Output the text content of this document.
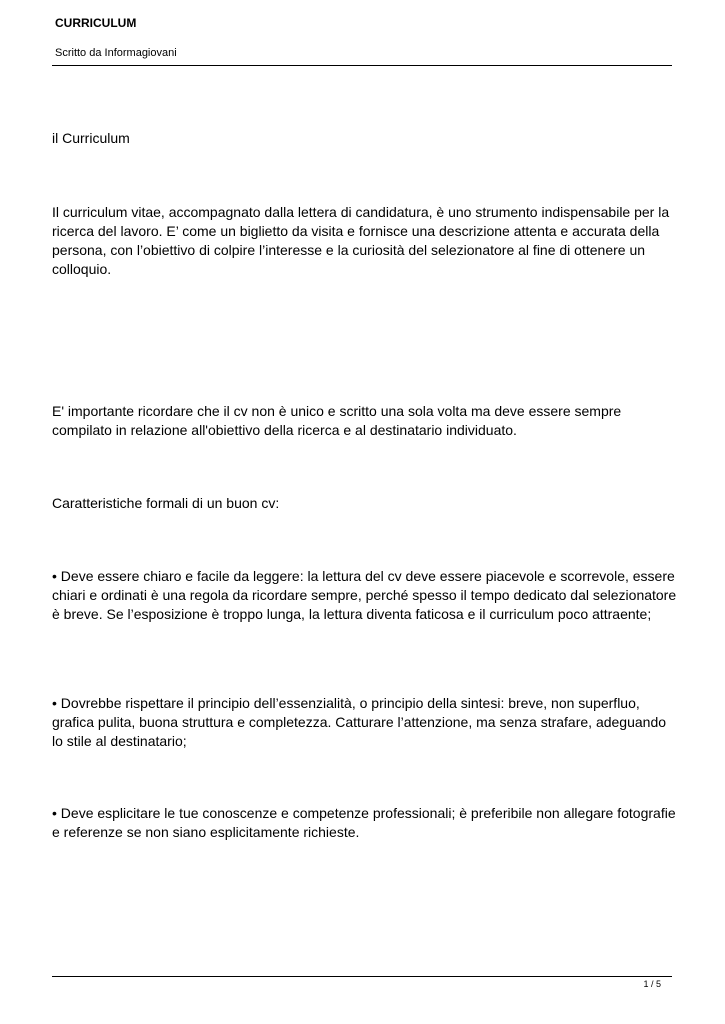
CURRICULUM
Scritto da Informagiovani

il Curriculum

Il curriculum vitae, accompagnato dalla lettera di candidatura, è uno strumento indispensabile per la ricerca del lavoro. E’ come un biglietto da visita e fornisce una descrizione attenta e accurata della persona, con l’obiettivo di colpire l’interesse e la curiosità del selezionatore al fine di ottenere un colloquio.

E' importante ricordare che il cv non è unico e scritto una sola volta ma deve essere sempre compilato in relazione all'obiettivo della ricerca e al destinatario individuato.

Caratteristiche formali di un buon cv:

• Deve essere chiaro e facile da leggere: la lettura del cv deve essere piacevole e scorrevole, essere chiari e ordinati è una regola da ricordare sempre, perché spesso il tempo dedicato dal selezionatore è breve. Se l’esposizione è troppo lunga, la lettura diventa faticosa e il curriculum poco attraente;

• Dovrebbe rispettare il principio dell’essenzialità, o principio della sintesi: breve, non superfluo, grafica pulita, buona struttura e completezza. Catturare l’attenzione, ma senza strafare, adeguando lo stile al destinatario;

• Deve esplicitare le tue conoscenze e competenze professionali; è preferibile non allegare fotografie e referenze se non siano esplicitamente richieste.

1 / 5
